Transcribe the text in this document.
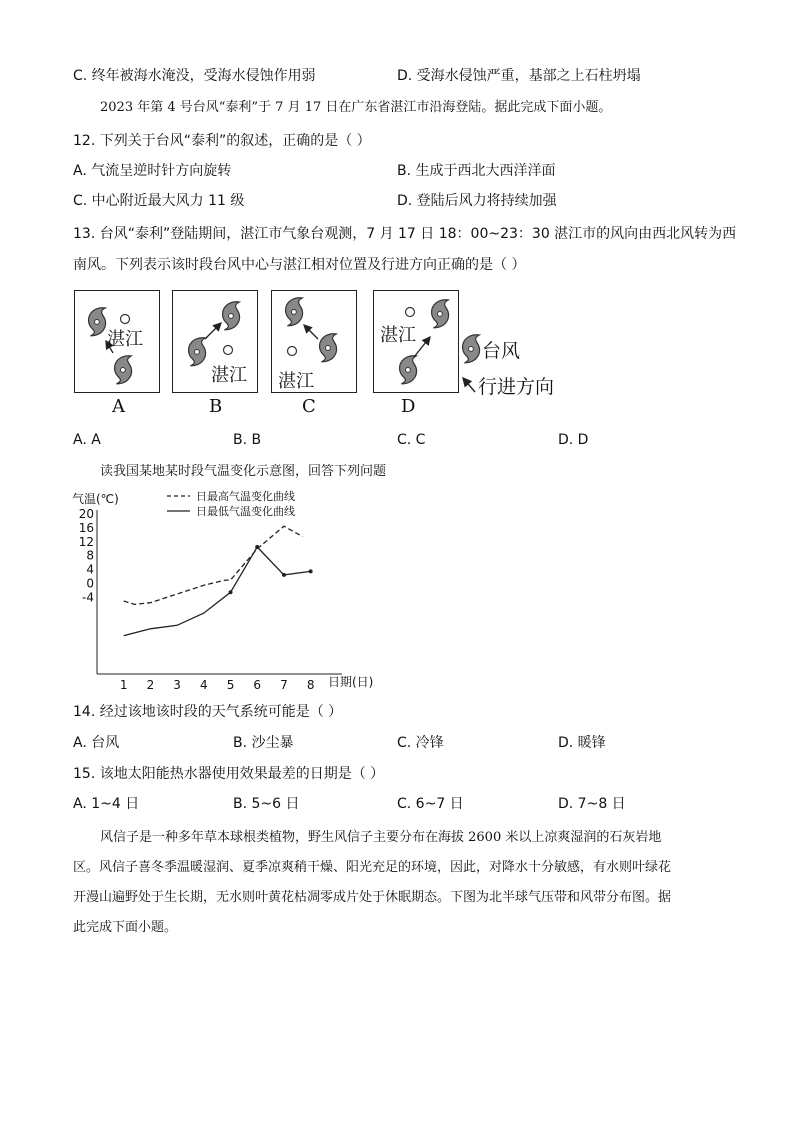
C. 终年被海水淹没，受海水侵蚀作用弱	D. 受海水侵蚀严重，基部之上石柱坍塌
2023 年第 4 号台风“泰利”于 7 月 17 日在广东省湛江市沿海登陆。据此完成下面小题。
12. 下列关于台风“泰利”的叙述，正确的是（ ）
A. 气流呈逆时针方向旋转	B. 生成于西北大西洋洋面
C. 中心附近最大风力 11 级	D. 登陆后风力将持续加强
13. 台风“泰利”登陆期间，湛江市气象台观测，7 月 17 日 18：00~23：30 湛江市的风向由西北风转为西
南风。下列表示该时段台风中心与湛江相对位置及行进方向正确的是（ ）
湛江
A
湛江
B
湛江
C
湛江
D
台风
行进方向
A. A	B. B	C. C	D. D
读我国某地某时段气温变化示意图，回答下列问题
气温(℃)
日期(日)
20
16
12
8
4
0
-4
1 2 3 4 5 6 7 8
日最高气温变化曲线
日最低气温变化曲线
14. 经过该地该时段的天气系统可能是（ ）
A. 台风	B. 沙尘暴	C. 冷锋	D. 暖锋
15. 该地太阳能热水器使用效果最差的日期是（ ）
A. 1~4 日	B. 5~6 日	C. 6~7 日	D. 7~8 日
风信子是一种多年草本球根类植物，野生风信子主要分布在海拔 2600 米以上凉爽湿润的石灰岩地
区。风信子喜冬季温暖湿润、夏季凉爽稍干燥、阳光充足的环境，因此，对降水十分敏感，有水则叶绿花
开漫山遍野处于生长期，无水则叶黄花枯凋零成片处于休眠期态。下图为北半球气压带和风带分布图。据
此完成下面小题。
